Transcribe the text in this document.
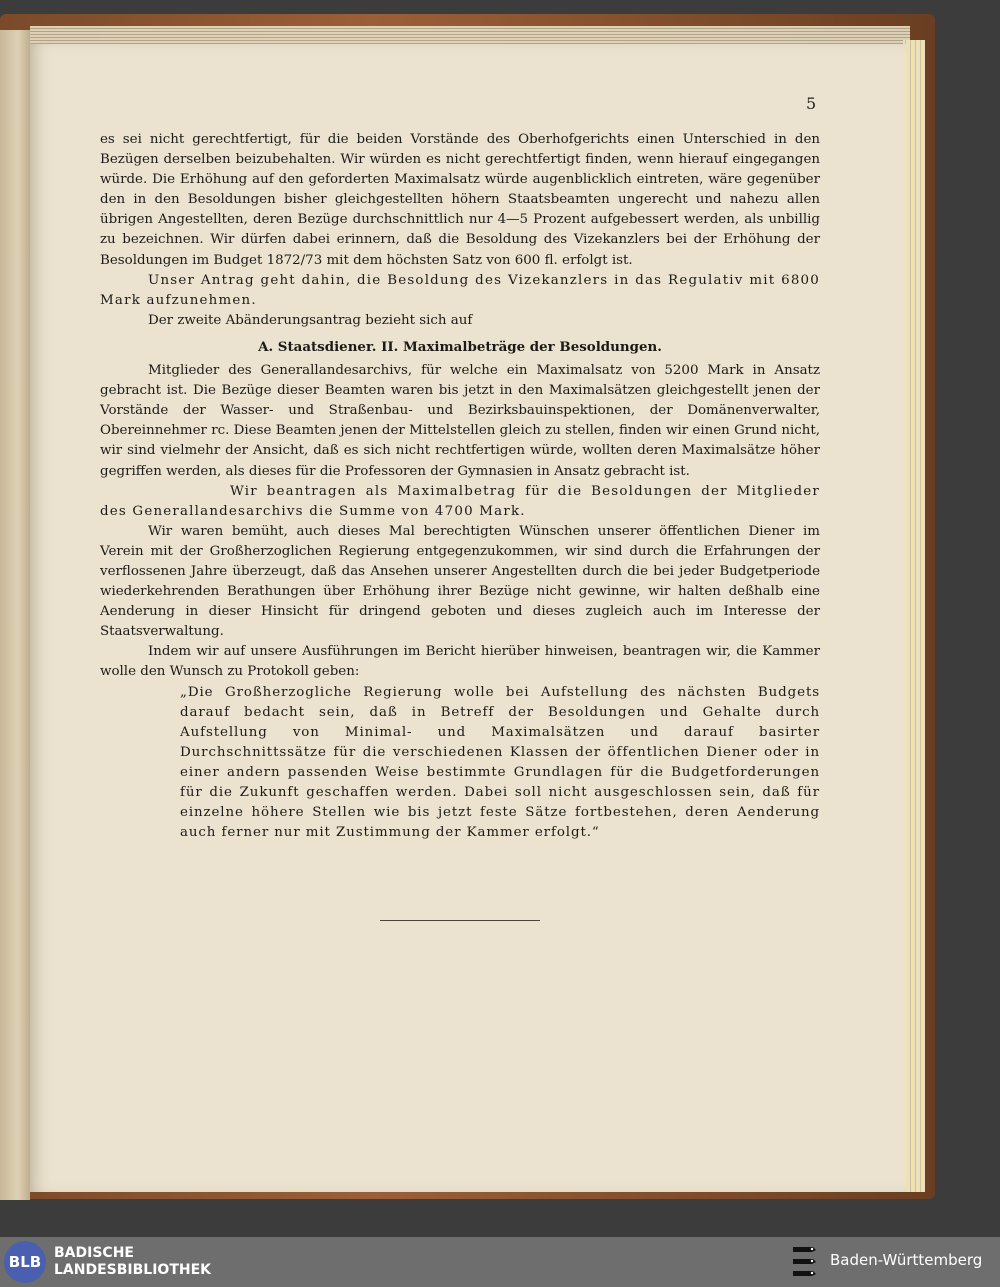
5

es sei nicht gerechtfertigt, für die beiden Vorstände des Oberhofgerichts einen Unterschied in den Bezügen derselben beizubehalten. Wir würden es nicht gerechtfertigt finden, wenn hierauf eingegangen würde. Die Erhöhung auf den geforderten Maximalsatz würde augenblicklich eintreten, wäre gegenüber den in den Besoldungen bisher gleichgestellten höhern Staatsbeamten ungerecht und nahezu allen übrigen Angestellten, deren Bezüge durchschnittlich nur 4—5 Prozent aufgebessert werden, als unbillig zu bezeichnen. Wir dürfen dabei erinnern, daß die Besoldung des Vizekanzlers bei der Erhöhung der Besoldungen im Budget 1872/73 mit dem höchsten Satz von 600 fl. erfolgt ist.

Unser Antrag geht dahin, die Besoldung des Vizekanzlers in das Regulativ mit 6800 Mark aufzunehmen.

Der zweite Abänderungsantrag bezieht sich auf

A. Staatsdiener. II. Maximalbeträge der Besoldungen.

Mitglieder des Generallandesarchivs, für welche ein Maximalsatz von 5200 Mark in Ansatz gebracht ist. Die Bezüge dieser Beamten waren bis jetzt in den Maximalsätzen gleichgestellt jenen der Vorstände der Wasser- und Straßenbau- und Bezirksbauinspektionen, der Domänenverwalter, Obereinnehmer rc. Diese Beamten jenen der Mittelstellen gleich zu stellen, finden wir einen Grund nicht, wir sind vielmehr der Ansicht, daß es sich nicht rechtfertigen würde, wollten deren Maximalsätze höher gegriffen werden, als dieses für die Professoren der Gymnasien in Ansatz gebracht ist.

Wir beantragen als Maximalbetrag für die Besoldungen der Mitglieder des Generallandesarchivs die Summe von 4700 Mark.

Wir waren bemüht, auch dieses Mal berechtigten Wünschen unserer öffentlichen Diener im Verein mit der Großherzoglichen Regierung entgegenzukommen, wir sind durch die Erfahrungen der verflossenen Jahre überzeugt, daß das Ansehen unserer Angestellten durch die bei jeder Budgetperiode wiederkehrenden Berathungen über Erhöhung ihrer Bezüge nicht gewinne, wir halten deßhalb eine Aenderung in dieser Hinsicht für dringend geboten und dieses zugleich auch im Interesse der Staatsverwaltung.

Indem wir auf unsere Ausführungen im Bericht hierüber hinweisen, beantragen wir, die Kammer wolle den Wunsch zu Protokoll geben:

„Die Großherzogliche Regierung wolle bei Aufstellung des nächsten Budgets darauf bedacht sein, daß in Betreff der Besoldungen und Gehalte durch Aufstellung von Minimal- und Maximalsätzen und darauf basirter Durchschnittssätze für die verschiedenen Klassen der öffentlichen Diener oder in einer andern passenden Weise bestimmte Grundlagen für die Budgetforderungen für die Zukunft geschaffen werden. Dabei soll nicht ausgeschlossen sein, daß für einzelne höhere Stellen wie bis jetzt feste Sätze fortbestehen, deren Aenderung auch ferner nur mit Zustimmung der Kammer erfolgt.“

BLB BADISCHE
LANDESBIBLIOTHEK
Baden-Württemberg
